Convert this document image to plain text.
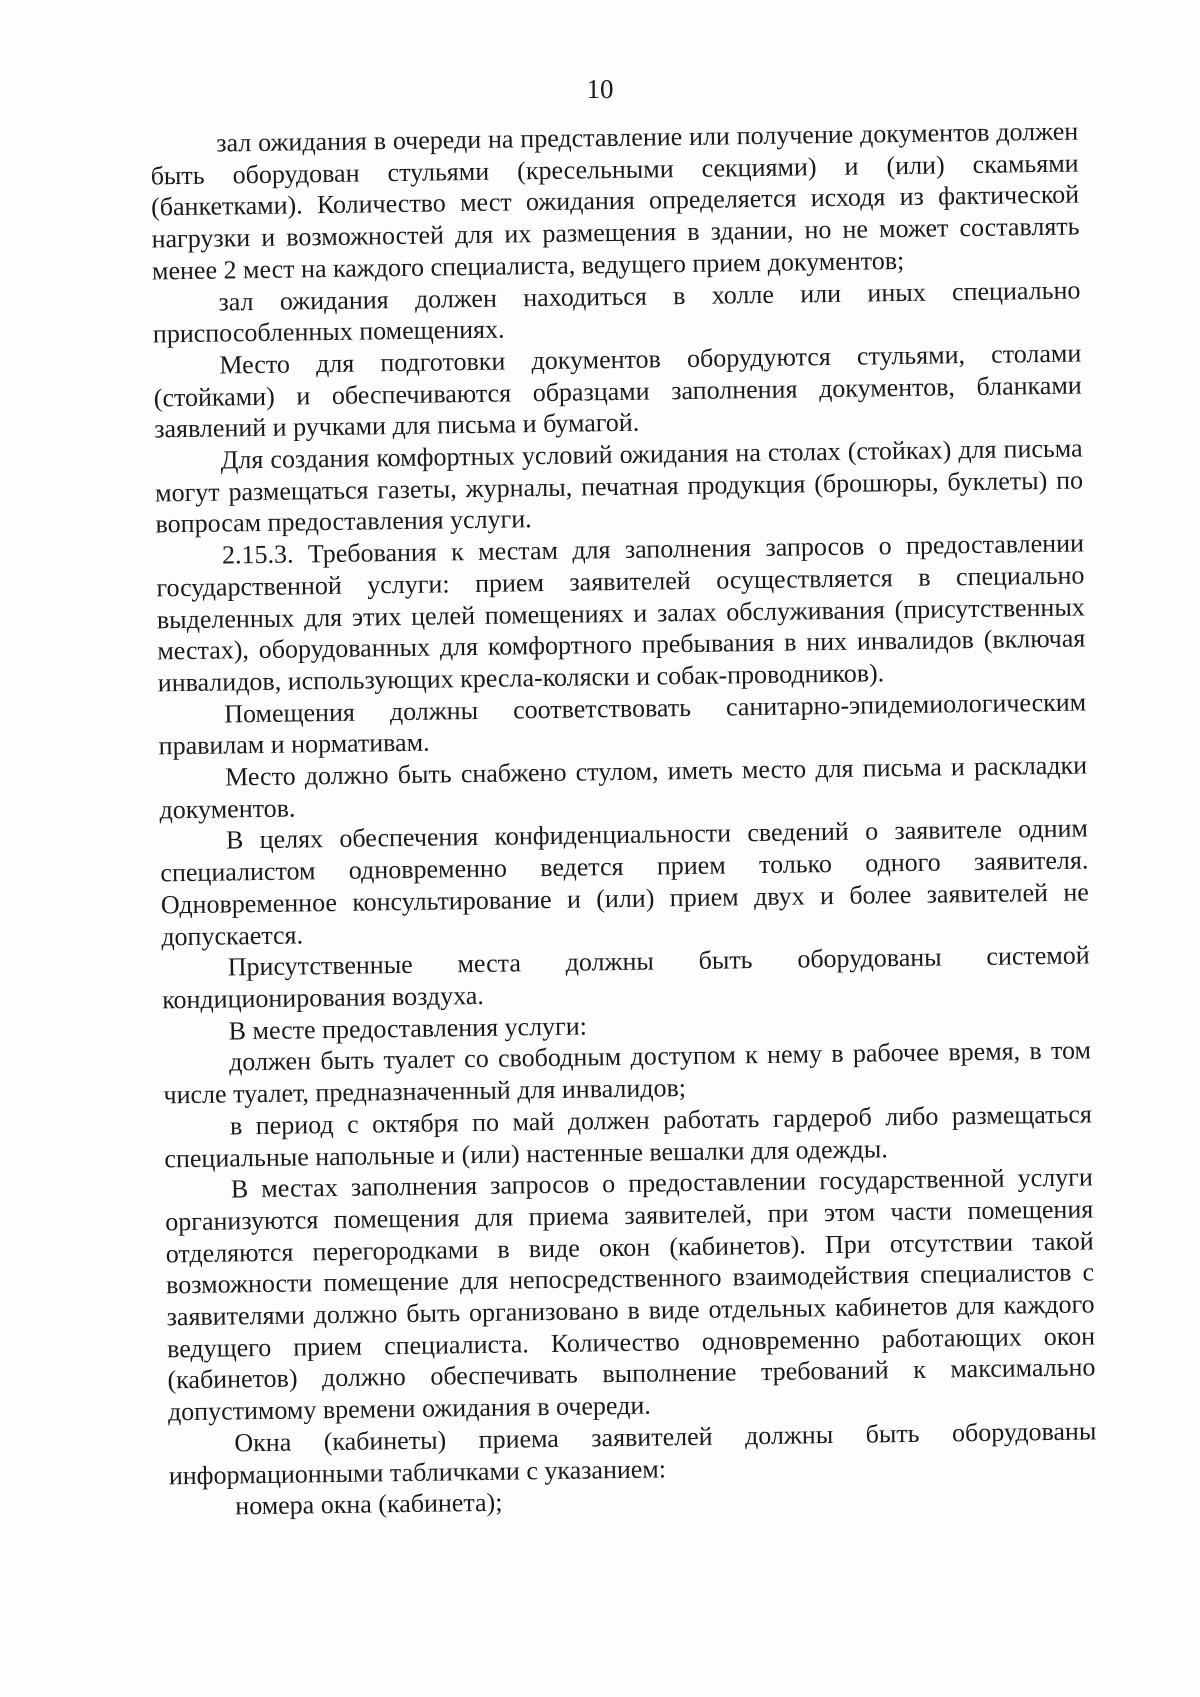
10

зал ожидания в очереди на представление или получение документов должен быть оборудован стульями (кресельными секциями) и (или) скамьями (банкетками). Количество мест ожидания определяется исходя из фактической нагрузки и возможностей для их размещения в здании, но не может составлять менее 2 мест на каждого специалиста, ведущего прием документов;

зал ожидания должен находиться в холле или иных специально приспособленных помещениях.

Место для подготовки документов оборудуются стульями, столами (стойками) и обеспечиваются образцами заполнения документов, бланками заявлений и ручками для письма и бумагой.

Для создания комфортных условий ожидания на столах (стойках) для письма могут размещаться газеты, журналы, печатная продукция (брошюры, буклеты) по вопросам предоставления услуги.

2.15.3. Требования к местам для заполнения запросов о предоставлении государственной услуги: прием заявителей осуществляется в специально выделенных для этих целей помещениях и залах обслуживания (присутственных местах), оборудованных для комфортного пребывания в них инвалидов (включая инвалидов, использующих кресла-коляски и собак-проводников).

Помещения должны соответствовать санитарно-эпидемиологическим правилам и нормативам.

Место должно быть снабжено стулом, иметь место для письма и раскладки документов.

В целях обеспечения конфиденциальности сведений о заявителе одним специалистом одновременно ведется прием только одного заявителя. Одновременное консультирование и (или) прием двух и более заявителей не допускается.

Присутственные места должны быть оборудованы системой кондиционирования воздуха.

В месте предоставления услуги:

должен быть туалет со свободным доступом к нему в рабочее время, в том числе туалет, предназначенный для инвалидов;

в период с октября по май должен работать гардероб либо размещаться специальные напольные и (или) настенные вешалки для одежды.

В местах заполнения запросов о предоставлении государственной услуги организуются помещения для приема заявителей, при этом части помещения отделяются перегородками в виде окон (кабинетов). При отсутствии такой возможности помещение для непосредственного взаимодействия специалистов с заявителями должно быть организовано в виде отдельных кабинетов для каждого ведущего прием специалиста. Количество одновременно работающих окон (кабинетов) должно обеспечивать выполнение требований к максимально допустимому времени ожидания в очереди.

Окна (кабинеты) приема заявителей должны быть оборудованы информационными табличками с указанием:

номера окна (кабинета);
